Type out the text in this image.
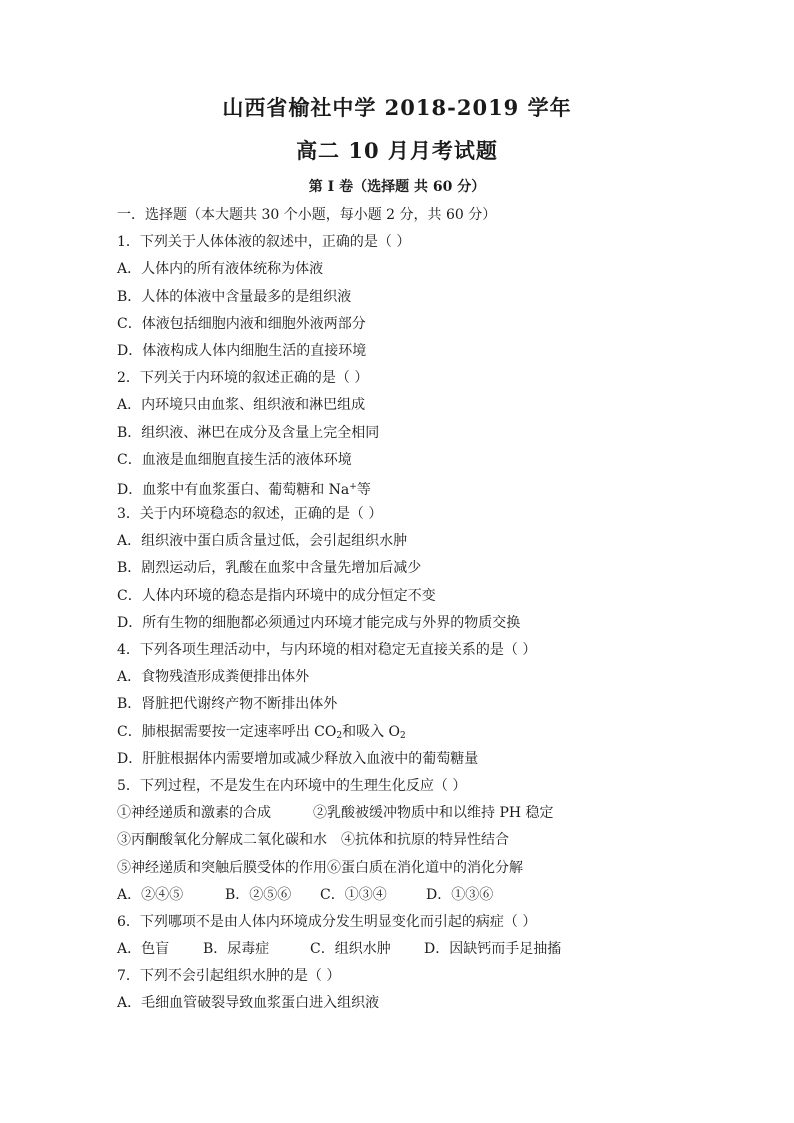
山西省榆社中学 2018-2019 学年
高二 10 月月考试题
第 I 卷（选择题 共 60 分）
一．选择题（本大题共 30 个小题，每小题 2 分，共 60 分）
1．下列关于人体体液的叙述中，正确的是（ ）
A．人体内的所有液体统称为体液
B．人体的体液中含量最多的是组织液
C．体液包括细胞内液和细胞外液两部分
D．体液构成人体内细胞生活的直接环境
2．下列关于内环境的叙述正确的是（ ）
A．内环境只由血浆、组织液和淋巴组成
B．组织液、淋巴在成分及含量上完全相同
C．血液是血细胞直接生活的液体环境
D．血浆中有血浆蛋白、葡萄糖和 Na+等
3．关于内环境稳态的叙述，正确的是（ ）
A．组织液中蛋白质含量过低，会引起组织水肿
B．剧烈运动后，乳酸在血浆中含量先增加后减少
C．人体内环境的稳态是指内环境中的成分恒定不变
D．所有生物的细胞都必须通过内环境才能完成与外界的物质交换
4．下列各项生理活动中，与内环境的相对稳定无直接关系的是（ ）
A．食物残渣形成粪便排出体外
B．肾脏把代谢终产物不断排出体外
C．肺根据需要按一定速率呼出 $CO_2$和吸入 $O_2$
D．肝脏根据体内需要增加或减少释放入血液中的葡萄糖量
5．下列过程，不是发生在内环境中的生理生化反应（ ）
①神经递质和激素的合成	②乳酸被缓冲物质中和以维持 PH 稳定
③丙酮酸氧化分解成二氧化碳和水 ④抗体和抗原的特异性结合
⑤神经递质和突触后膜受体的作用⑥蛋白质在消化道中的消化分解
A．②④⑤	B．②⑤⑥ C．①③④	D．①③⑥
6．下列哪项不是由人体内环境成分发生明显变化而引起的病症（ ）
A．色盲 B．尿毒症	C．组织水肿 D．因缺钙而手足抽搐
7．下列不会引起组织水肿的是（ ）
A．毛细血管破裂导致血浆蛋白进入组织液
